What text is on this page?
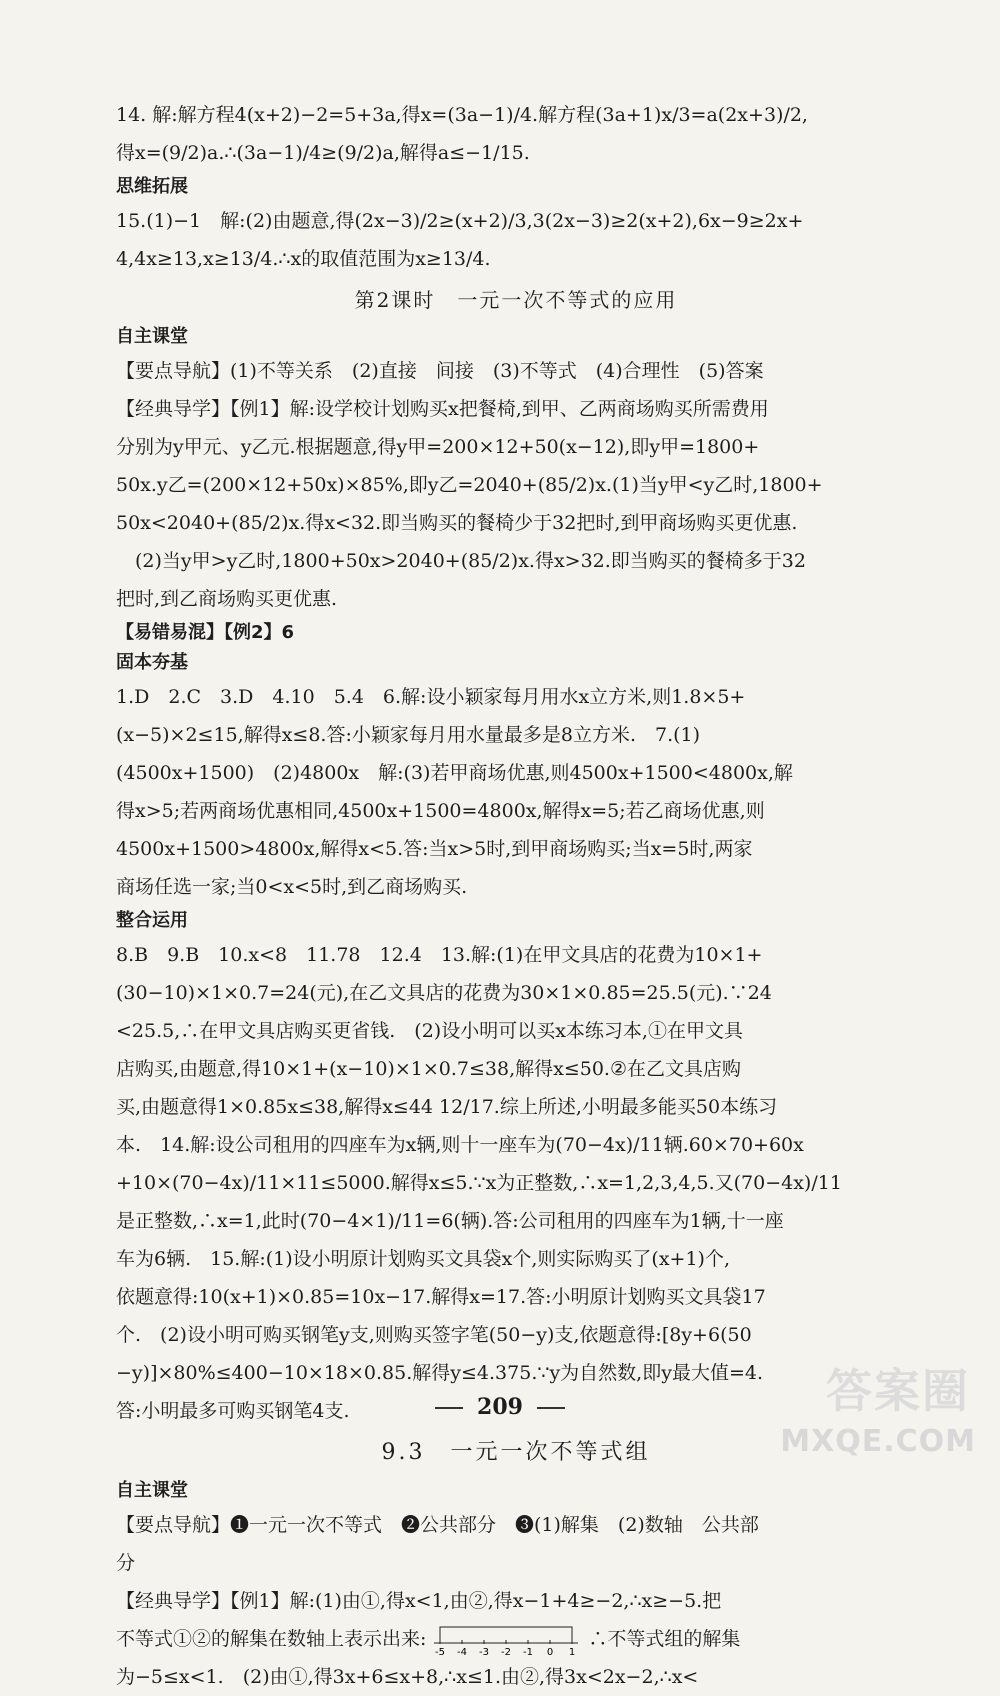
14. 解:解方程4(x+2)−2=5+3a,得x=(3a−1)/4.解方程(3a+1)x/3=a(2x+3)/2,
得x=(9/2)a.∴(3a−1)/4≥(9/2)a,解得a≤−1/15.
思维拓展
15.(1)−1　解:(2)由题意,得(2x−3)/2≥(x+2)/3,3(2x−3)≥2(x+2),6x−9≥2x+
4,4x≥13,x≥13/4.∴x的取值范围为x≥13/4.
第2课时　一元一次不等式的应用
自主课堂
【要点导航】(1)不等关系　(2)直接　间接　(3)不等式　(4)合理性　(5)答案
【经典导学】【例1】解:设学校计划购买x把餐椅,到甲、乙两商场购买所需费用
分别为y甲元、y乙元.根据题意,得y甲=200×12+50(x−12),即y甲=1800+
50x.y乙=(200×12+50x)×85%,即y乙=2040+(85/2)x.(1)当y甲<y乙时,1800+
50x<2040+(85/2)x.得x<32.即当购买的餐椅少于32把时,到甲商场购买更优惠.
　(2)当y甲>y乙时,1800+50x>2040+(85/2)x.得x>32.即当购买的餐椅多于32
把时,到乙商场购买更优惠.
【易错易混】【例2】6
固本夯基
1.D　2.C　3.D　4.10　5.4　6.解:设小颖家每月用水x立方米,则1.8×5+
(x−5)×2≤15,解得x≤8.答:小颖家每月用水量最多是8立方米.　7.(1)
(4500x+1500)　(2)4800x　解:(3)若甲商场优惠,则4500x+1500<4800x,解
得x>5;若两商场优惠相同,4500x+1500=4800x,解得x=5;若乙商场优惠,则
4500x+1500>4800x,解得x<5.答:当x>5时,到甲商场购买;当x=5时,两家
商场任选一家;当0<x<5时,到乙商场购买.
整合运用
8.B　9.B　10.x<8　11.78　12.4　13.解:(1)在甲文具店的花费为10×1+
(30−10)×1×0.7=24(元),在乙文具店的花费为30×1×0.85=25.5(元).∵24
<25.5,∴在甲文具店购买更省钱.　(2)设小明可以买x本练习本,①在甲文具
店购买,由题意,得10×1+(x−10)×1×0.7≤38,解得x≤50.②在乙文具店购
买,由题意得1×0.85x≤38,解得x≤44 12/17.综上所述,小明最多能买50本练习
本.　14.解:设公司租用的四座车为x辆,则十一座车为(70−4x)/11辆.60×70+60x
+10×(70−4x)/11×11≤5000.解得x≤5.∵x为正整数,∴x=1,2,3,4,5.又(70−4x)/11
是正整数,∴x=1,此时(70−4×1)/11=6(辆).答:公司租用的四座车为1辆,十一座
车为6辆.　15.解:(1)设小明原计划购买文具袋x个,则实际购买了(x+1)个,
依题意得:10(x+1)×0.85=10x−17.解得x=17.答:小明原计划购买文具袋17
个.　(2)设小明可购买钢笔y支,则购买签字笔(50−y)支,依题意得:[8y+6(50
−y)]×80%≤400−10×18×0.85.解得y≤4.375.∵y为自然数,即y最大值=4.
答:小明最多可购买钢笔4支.
9.3　一元一次不等式组
自主课堂
【要点导航】❶一元一次不等式　❷公共部分　❸(1)解集　(2)数轴　公共部
分
【经典导学】【例1】解:(1)由①,得x<1,由②,得x−1+4≥−2,∴x≥−5.把
不等式①②的解集在数轴上表示出来:
-5 -4 -3 -2 -1 0 1
∴不等式组的解集
为−5≤x<1.　(2)由①,得3x+6≤x+8,∴x≤1.由②,得3x<2x−2,∴x<
209	答案圈
MXQE.COM
